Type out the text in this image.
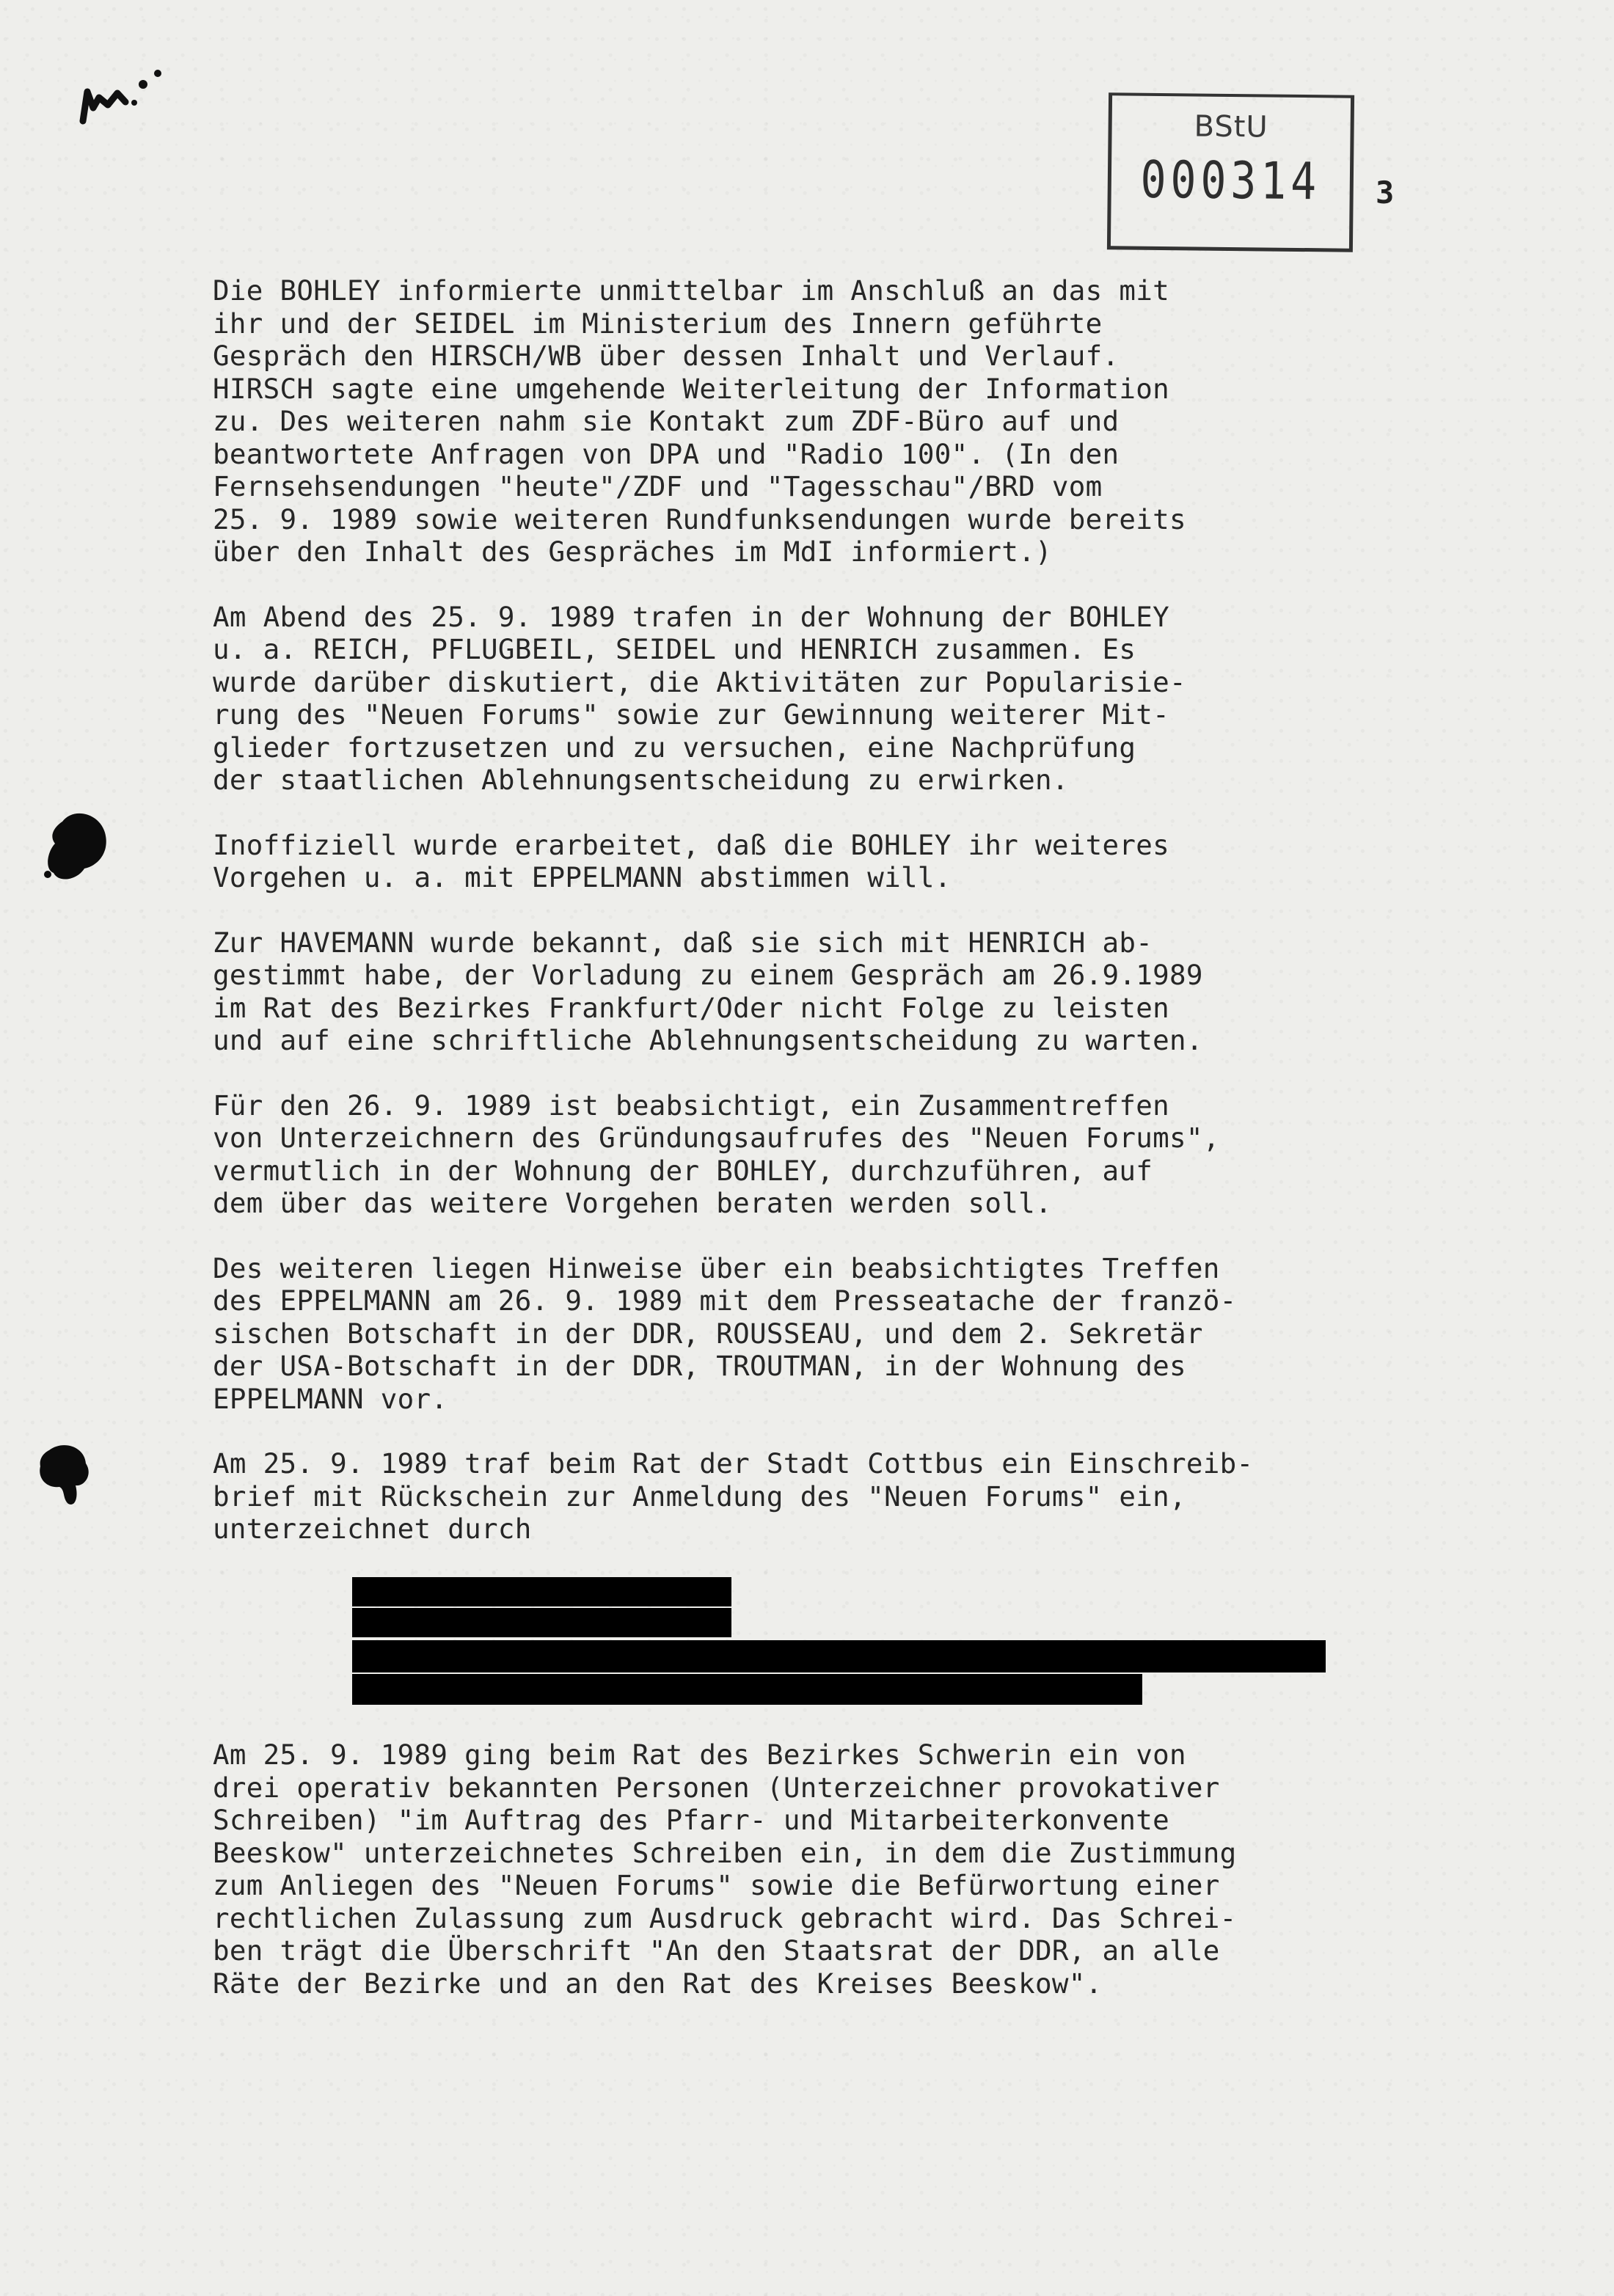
BStU
000314	3

Die BOHLEY informierte unmittelbar im Anschluß an das mit
ihr und der SEIDEL im Ministerium des Innern geführte
Gespräch den HIRSCH/WB über dessen Inhalt und Verlauf.
HIRSCH sagte eine umgehende Weiterleitung der Information
zu. Des weiteren nahm sie Kontakt zum ZDF-Büro auf und
beantwortete Anfragen von DPA und "Radio 100". (In den
Fernsehsendungen "heute"/ZDF und "Tagesschau"/BRD vom
25. 9. 1989 sowie weiteren Rundfunksendungen wurde bereits
über den Inhalt des Gespräches im MdI informiert.)

Am Abend des 25. 9. 1989 trafen in der Wohnung der BOHLEY
u. a. REICH, PFLUGBEIL, SEIDEL und HENRICH zusammen. Es
wurde darüber diskutiert, die Aktivitäten zur Popularisie-
rung des "Neuen Forums" sowie zur Gewinnung weiterer Mit-
glieder fortzusetzen und zu versuchen, eine Nachprüfung
der staatlichen Ablehnungsentscheidung zu erwirken.

Inoffiziell wurde erarbeitet, daß die BOHLEY ihr weiteres
Vorgehen u. a. mit EPPELMANN abstimmen will.

Zur HAVEMANN wurde bekannt, daß sie sich mit HENRICH ab-
gestimmt habe, der Vorladung zu einem Gespräch am 26.9.1989
im Rat des Bezirkes Frankfurt/Oder nicht Folge zu leisten
und auf eine schriftliche Ablehnungsentscheidung zu warten.

Für den 26. 9. 1989 ist beabsichtigt, ein Zusammentreffen
von Unterzeichnern des Gründungsaufrufes des "Neuen Forums",
vermutlich in der Wohnung der BOHLEY, durchzuführen, auf
dem über das weitere Vorgehen beraten werden soll.

Des weiteren liegen Hinweise über ein beabsichtigtes Treffen
des EPPELMANN am 26. 9. 1989 mit dem Presseatache der franzö-
sischen Botschaft in der DDR, ROUSSEAU, und dem 2. Sekretär
der USA-Botschaft in der DDR, TROUTMAN, in der Wohnung des
EPPELMANN vor.

Am 25. 9. 1989 traf beim Rat der Stadt Cottbus ein Einschreib-
brief mit Rückschein zur Anmeldung des "Neuen Forums" ein,
unterzeichnet durch

Am 25. 9. 1989 ging beim Rat des Bezirkes Schwerin ein von
drei operativ bekannten Personen (Unterzeichner provokativer
Schreiben) "im Auftrag des Pfarr- und Mitarbeiterkonvente
Beeskow" unterzeichnetes Schreiben ein, in dem die Zustimmung
zum Anliegen des "Neuen Forums" sowie die Befürwortung einer
rechtlichen Zulassung zum Ausdruck gebracht wird. Das Schrei-
ben trägt die Überschrift "An den Staatsrat der DDR, an alle
Räte der Bezirke und an den Rat des Kreises Beeskow".
